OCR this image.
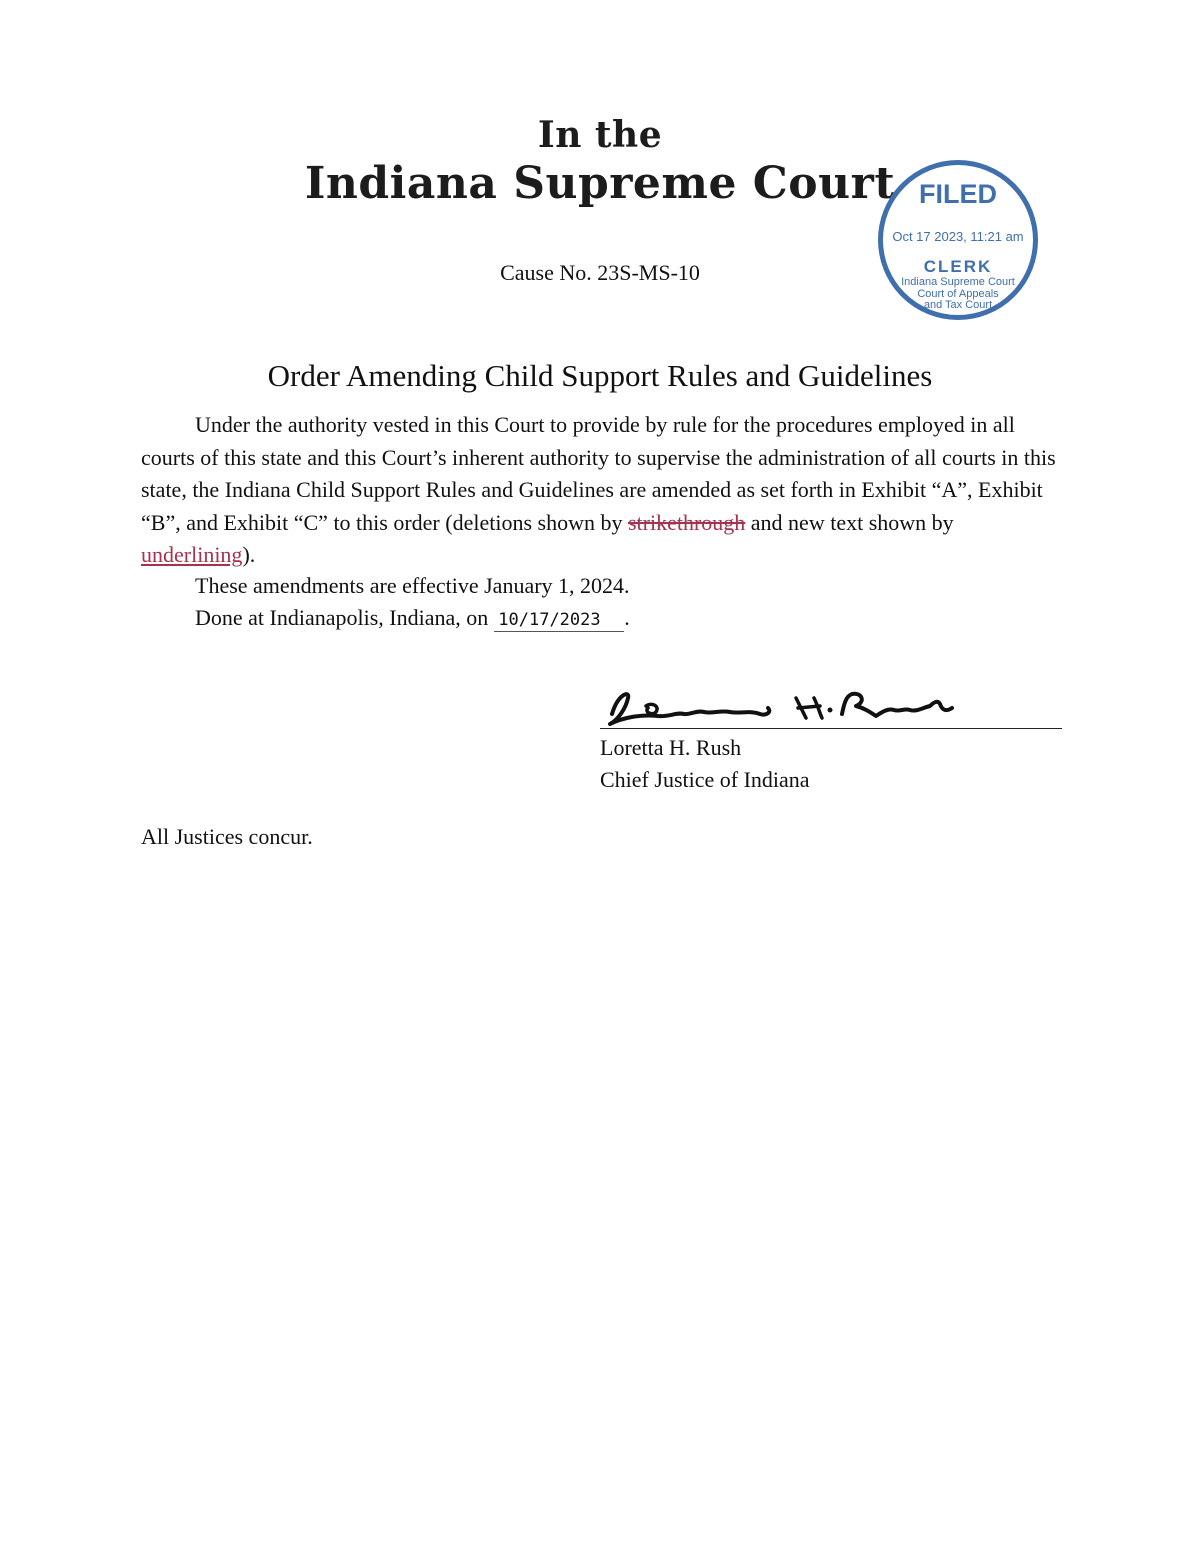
In the
Indiana Supreme Court
Cause No. 23S-MS-10
FILED
Oct 17 2023, 11:21 am
CLERK
Indiana Supreme Court
Court of Appeals
and Tax Court
Order Amending Child Support Rules and Guidelines
Under the authority vested in this Court to provide by rule for the procedures employed in all courts of this state and this Court’s inherent authority to supervise the administration of all courts in this state, the Indiana Child Support Rules and Guidelines are amended as set forth in Exhibit “A”, Exhibit “B”, and Exhibit “C” to this order (deletions shown by strikethrough and new text shown by underlining).
These amendments are effective January 1, 2024.
Done at Indianapolis, Indiana, on 10/17/2023 .
Loretta H. Rush
Chief Justice of Indiana
All Justices concur.
